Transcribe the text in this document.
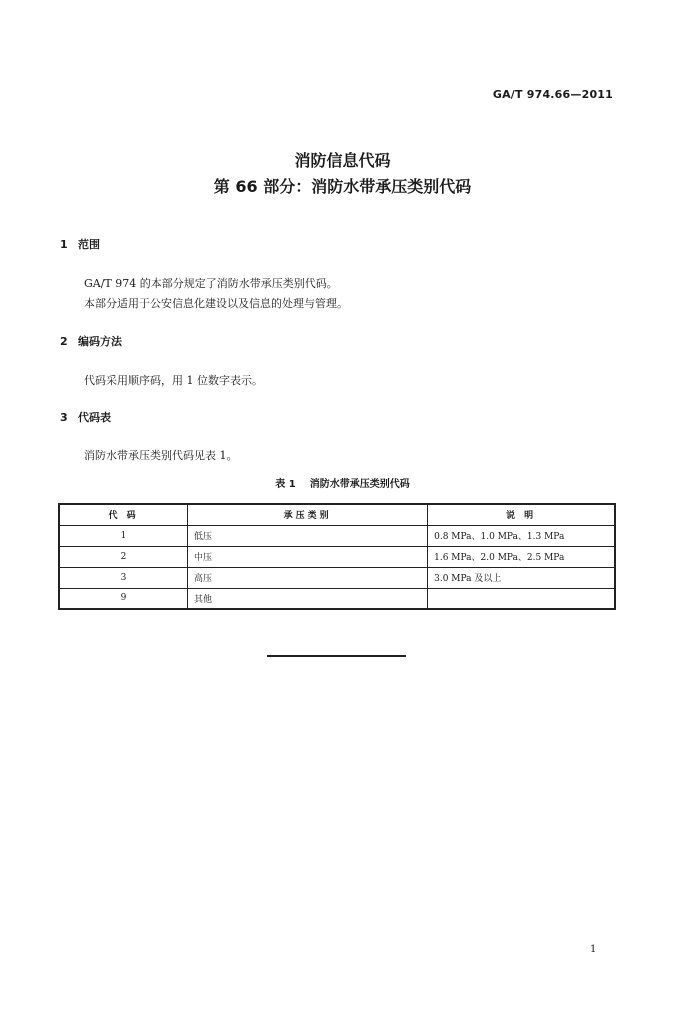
GA/T 974.66—2011
消防信息代码
第 66 部分：消防水带承压类别代码
1 范围
GA/T 974 的本部分规定了消防水带承压类别代码。
本部分适用于公安信息化建设以及信息的处理与管理。
2 编码方法
代码采用顺序码，用 1 位数字表示。
3 代码表
消防水带承压类别代码见表 1。
表 1 消防水带承压类别代码
代 码	承压类别	说 明
1	低压	0.8 MPa、1.0 MPa、1.3 MPa
2	中压	1.6 MPa、2.0 MPa、2.5 MPa
3	高压	3.0 MPa 及以上
9	其他	
1
